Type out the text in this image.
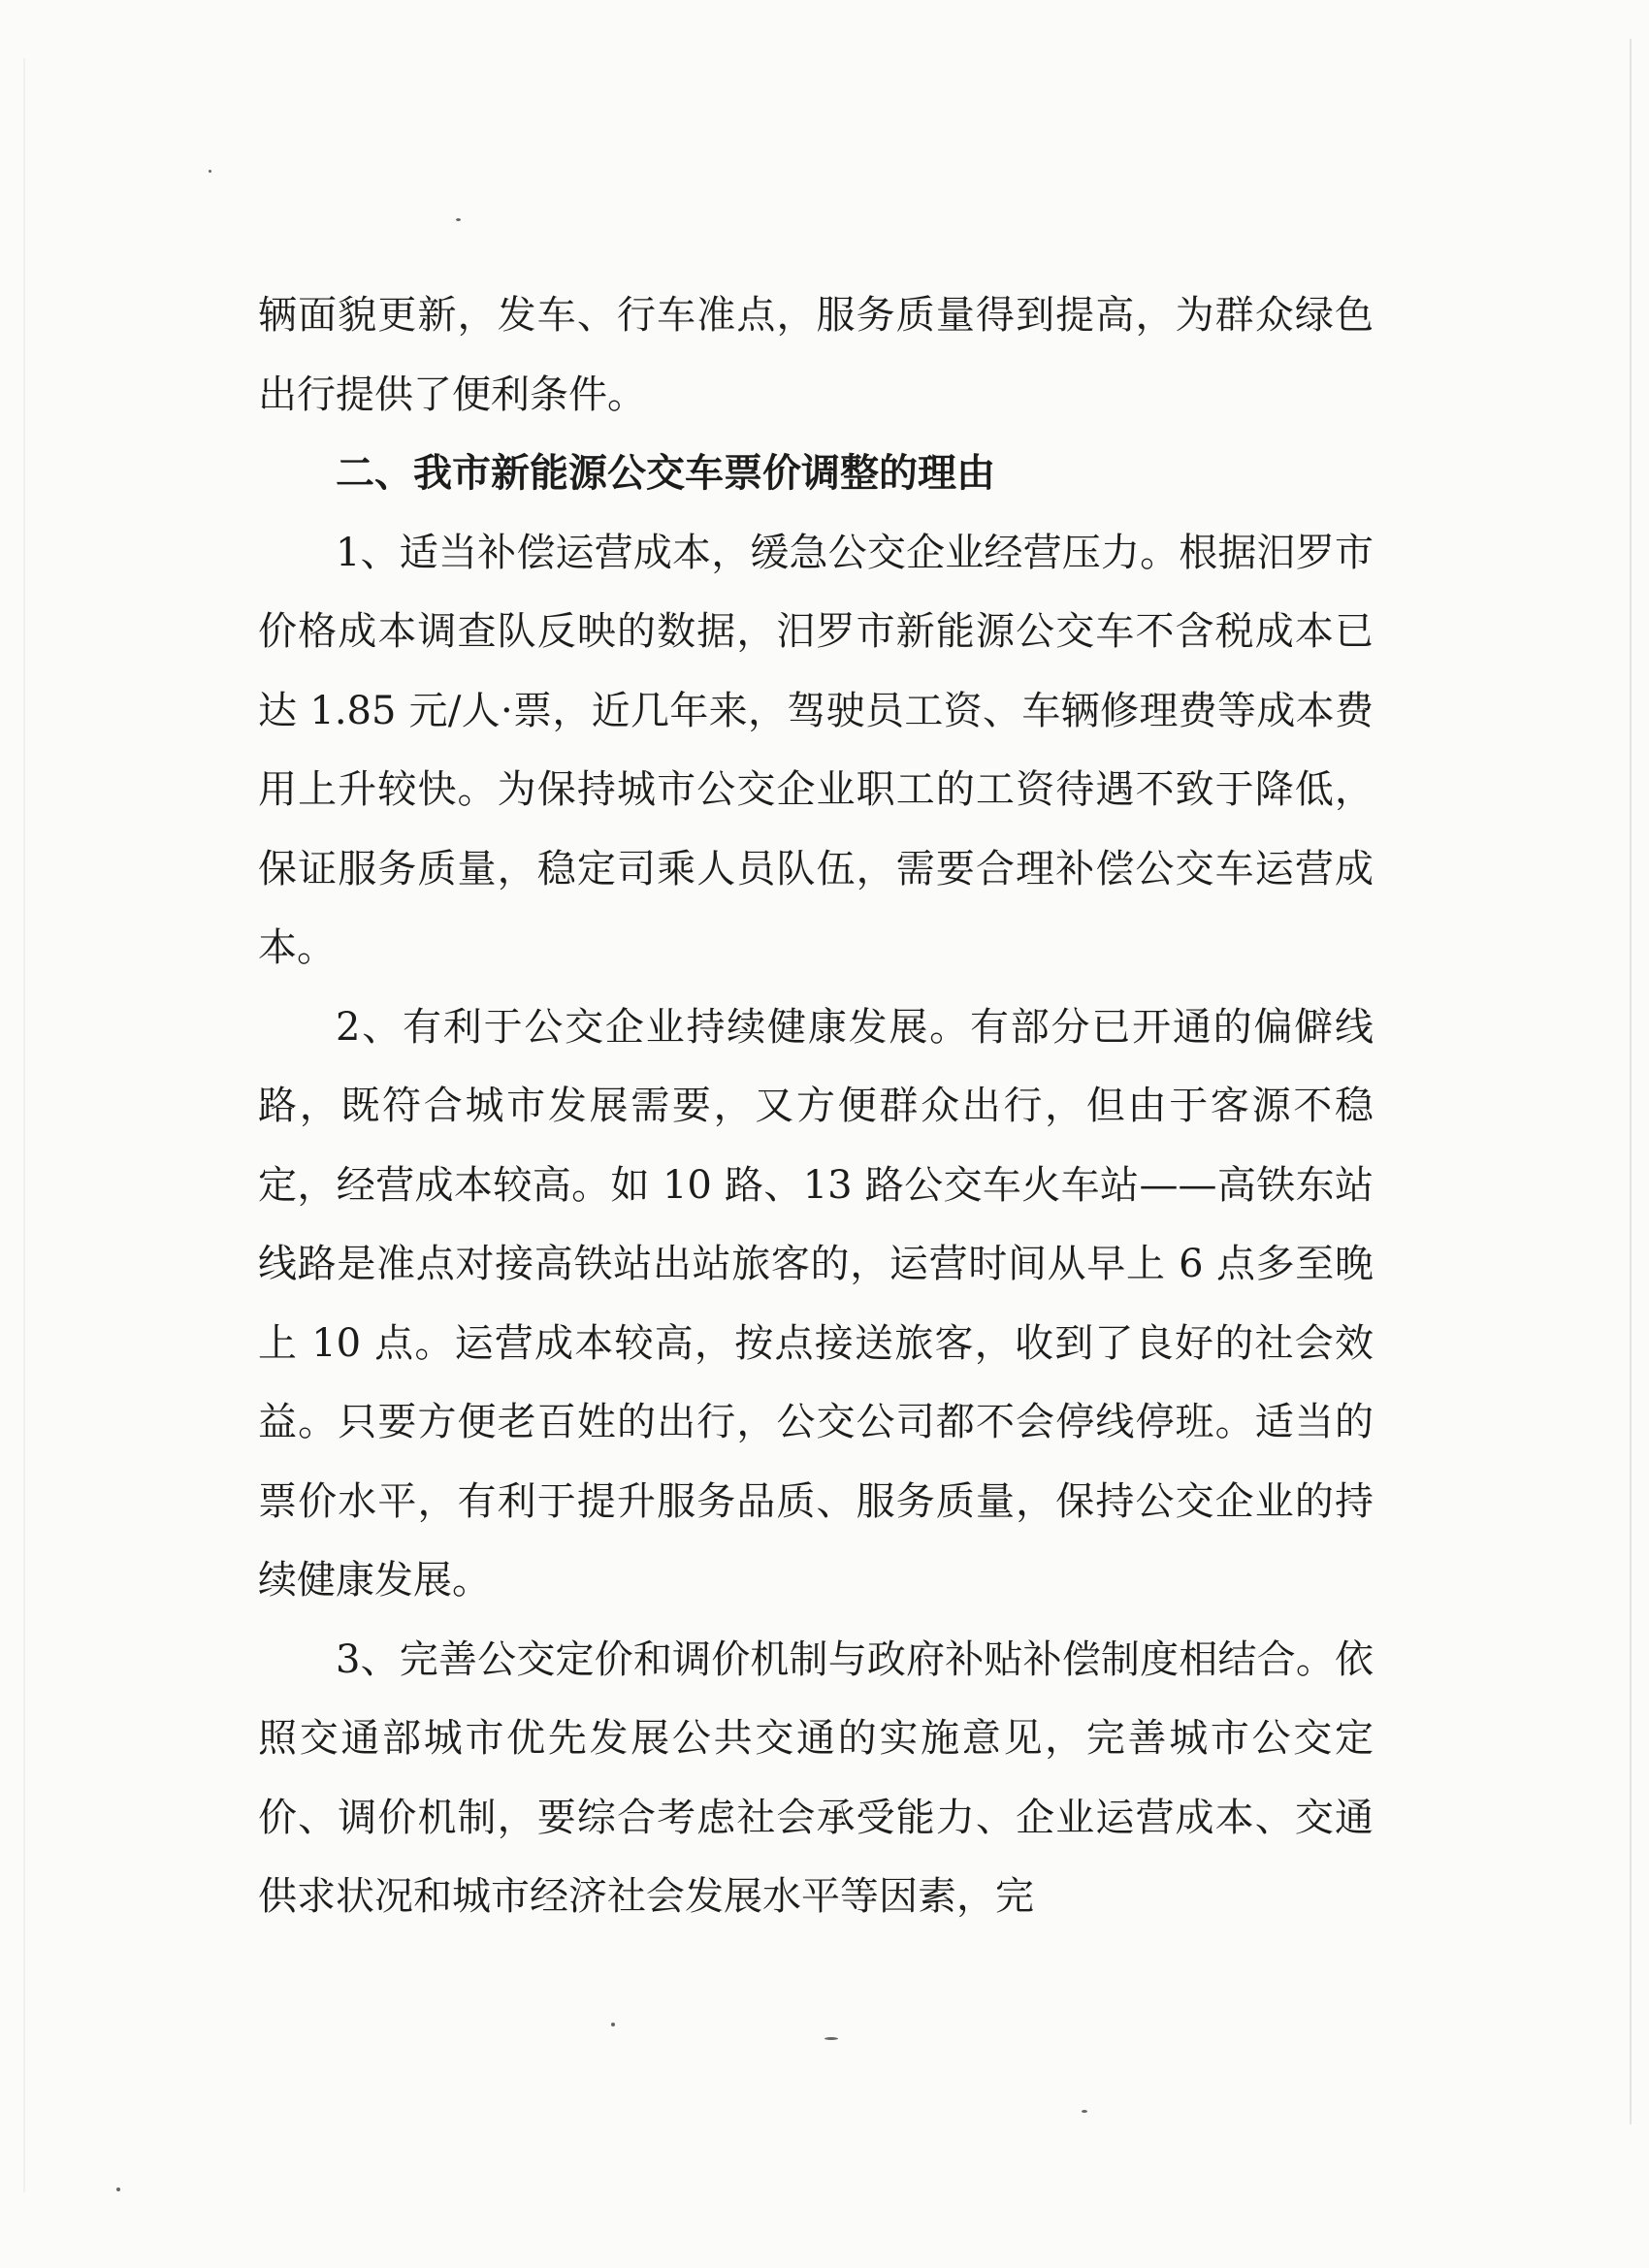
辆面貌更新，发车、行车准点，服务质量得到提高，为群众绿色出行提供了便利条件。

二、我市新能源公交车票价调整的理由

1、适当补偿运营成本，缓急公交企业经营压力。根据汨罗市价格成本调查队反映的数据，汨罗市新能源公交车不含税成本已达 1.85 元/人·票，近几年来，驾驶员工资、车辆修理费等成本费用上升较快。为保持城市公交企业职工的工资待遇不致于降低，保证服务质量，稳定司乘人员队伍，需要合理补偿公交车运营成本。

2、有利于公交企业持续健康发展。有部分已开通的偏僻线路，既符合城市发展需要，又方便群众出行，但由于客源不稳定，经营成本较高。如 10 路、13 路公交车火车站——高铁东站线路是准点对接高铁站出站旅客的，运营时间从早上 6 点多至晚上 10 点。运营成本较高，按点接送旅客，收到了良好的社会效益。只要方便老百姓的出行，公交公司都不会停线停班。适当的票价水平，有利于提升服务品质、服务质量，保持公交企业的持续健康发展。

3、完善公交定价和调价机制与政府补贴补偿制度相结合。依照交通部城市优先发展公共交通的实施意见，完善城市公交定价、调价机制，要综合考虑社会承受能力、企业运营成本、交通供求状况和城市经济社会发展水平等因素，完
